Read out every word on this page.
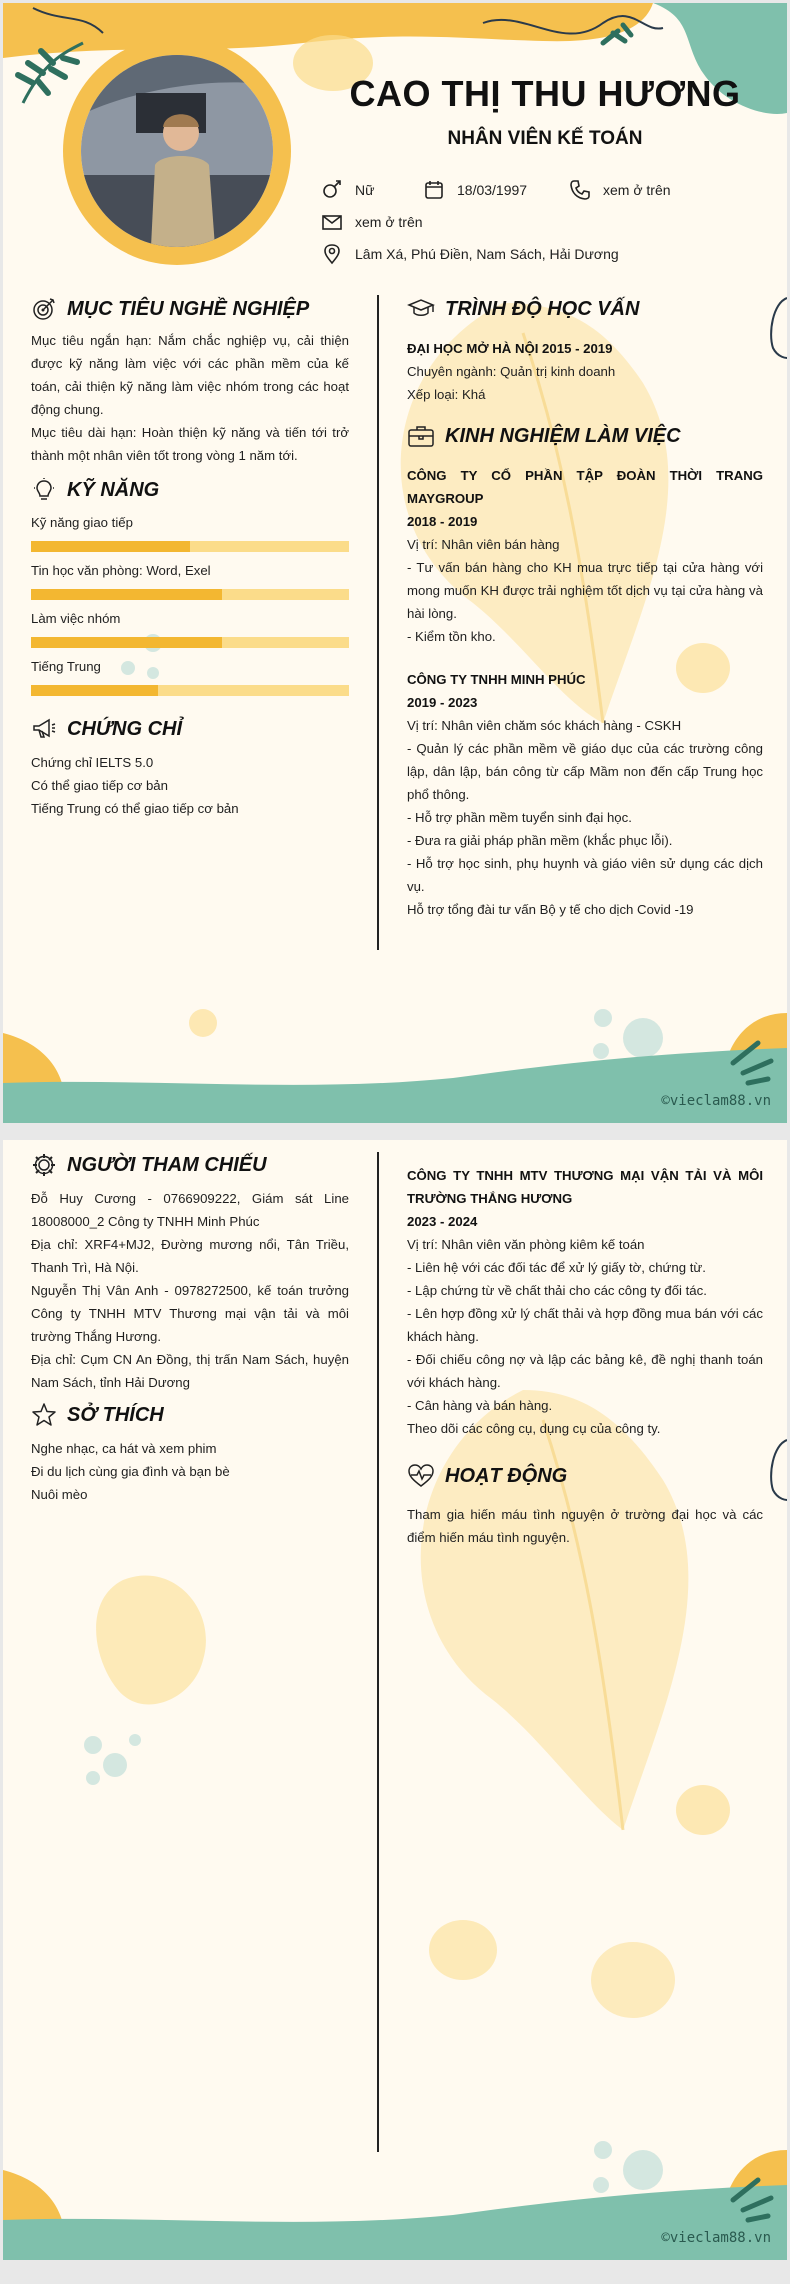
CAO THỊ THU HƯƠNG
NHÂN VIÊN KẾ TOÁN
Nữ	18/03/1997	xem ở trên
xem ở trên
Lâm Xá, Phú Điền, Nam Sách, Hải Dương
MỤC TIÊU NGHỀ NGHIỆP

Mục tiêu ngắn hạn: Nắm chắc nghiệp vụ, cải thiện được kỹ năng làm việc với các phần mềm của kế toán, cải thiện kỹ năng làm việc nhóm trong các hoạt động chung.

Mục tiêu dài hạn: Hoàn thiện kỹ năng và tiến tới trở thành một nhân viên tốt trong vòng 1 năm tới.

KỸ NĂNG
Kỹ năng giao tiếp
Tin học văn phòng: Word, Exel
Làm việc nhóm
Tiếng Trung
CHỨNG CHỈ

Chứng chỉ IELTS 5.0

Có thể giao tiếp cơ bản

Tiếng Trung có thể giao tiếp cơ bản

TRÌNH ĐỘ HỌC VẤN

ĐẠI HỌC MỞ HÀ NỘI 2015 - 2019

Chuyên ngành: Quản trị kinh doanh

Xếp loại: Khá

KINH NGHIỆM LÀM VIỆC

CÔNG TY CỔ PHẦN TẬP ĐOÀN THỜI TRANG MAYGROUP

2018 - 2019

Vị trí: Nhân viên bán hàng

- Tư vấn bán hàng cho KH mua trực tiếp tại cửa hàng với mong muốn KH được trải nghiệm tốt dịch vụ tại cửa hàng và hài lòng.

- Kiểm tồn kho.

CÔNG TY TNHH MINH PHÚC

2019 - 2023

Vị trí: Nhân viên chăm sóc khách hàng - CSKH

- Quản lý các phần mềm về giáo dục của các trường công lập, dân lập, bán công từ cấp Mầm non đến cấp Trung học phổ thông.

- Hỗ trợ phần mềm tuyển sinh đại học.

- Đưa ra giải pháp phần mềm (khắc phục lỗi).

- Hỗ trợ học sinh, phụ huynh và giáo viên sử dụng các dịch vụ.

Hỗ trợ tổng đài tư vấn Bộ y tế cho dịch Covid -19

©vieclam88.vn
NGƯỜI THAM CHIẾU

Đỗ Huy Cương - 0766909222, Giám sát Line 18008000_2 Công ty TNHH Minh Phúc

Địa chỉ: XRF4+MJ2, Đường mương nổi, Tân Triều, Thanh Trì, Hà Nội.

Nguyễn Thị Vân Anh - 0978272500, kế toán trưởng Công ty TNHH MTV Thương mại vận tải và môi trường Thắng Hương.

Địa chỉ: Cụm CN An Đồng, thị trấn Nam Sách, huyện Nam Sách, tỉnh Hải Dương

SỞ THÍCH

Nghe nhạc, ca hát và xem phim

Đi du lịch cùng gia đình và bạn bè

Nuôi mèo

CÔNG TY TNHH MTV THƯƠNG MẠI VẬN TẢI VÀ MÔI TRƯỜNG THẮNG HƯƠNG

2023 - 2024

Vị trí: Nhân viên văn phòng kiêm kế toán

- Liên hệ với các đối tác để xử lý giấy tờ, chứng từ.

- Lập chứng từ về chất thải cho các công ty đối tác.

- Lên hợp đồng xử lý chất thải và hợp đồng mua bán với các khách hàng.

- Đối chiếu công nợ và lập các bảng kê, đề nghị thanh toán với khách hàng.

- Cân hàng và bán hàng.

Theo dõi các công cụ, dụng cụ của công ty.

HOẠT ĐỘNG
Tham gia hiến máu tình nguyện ở trường đại học và các điểm hiến máu tình nguyện.
©vieclam88.vn
